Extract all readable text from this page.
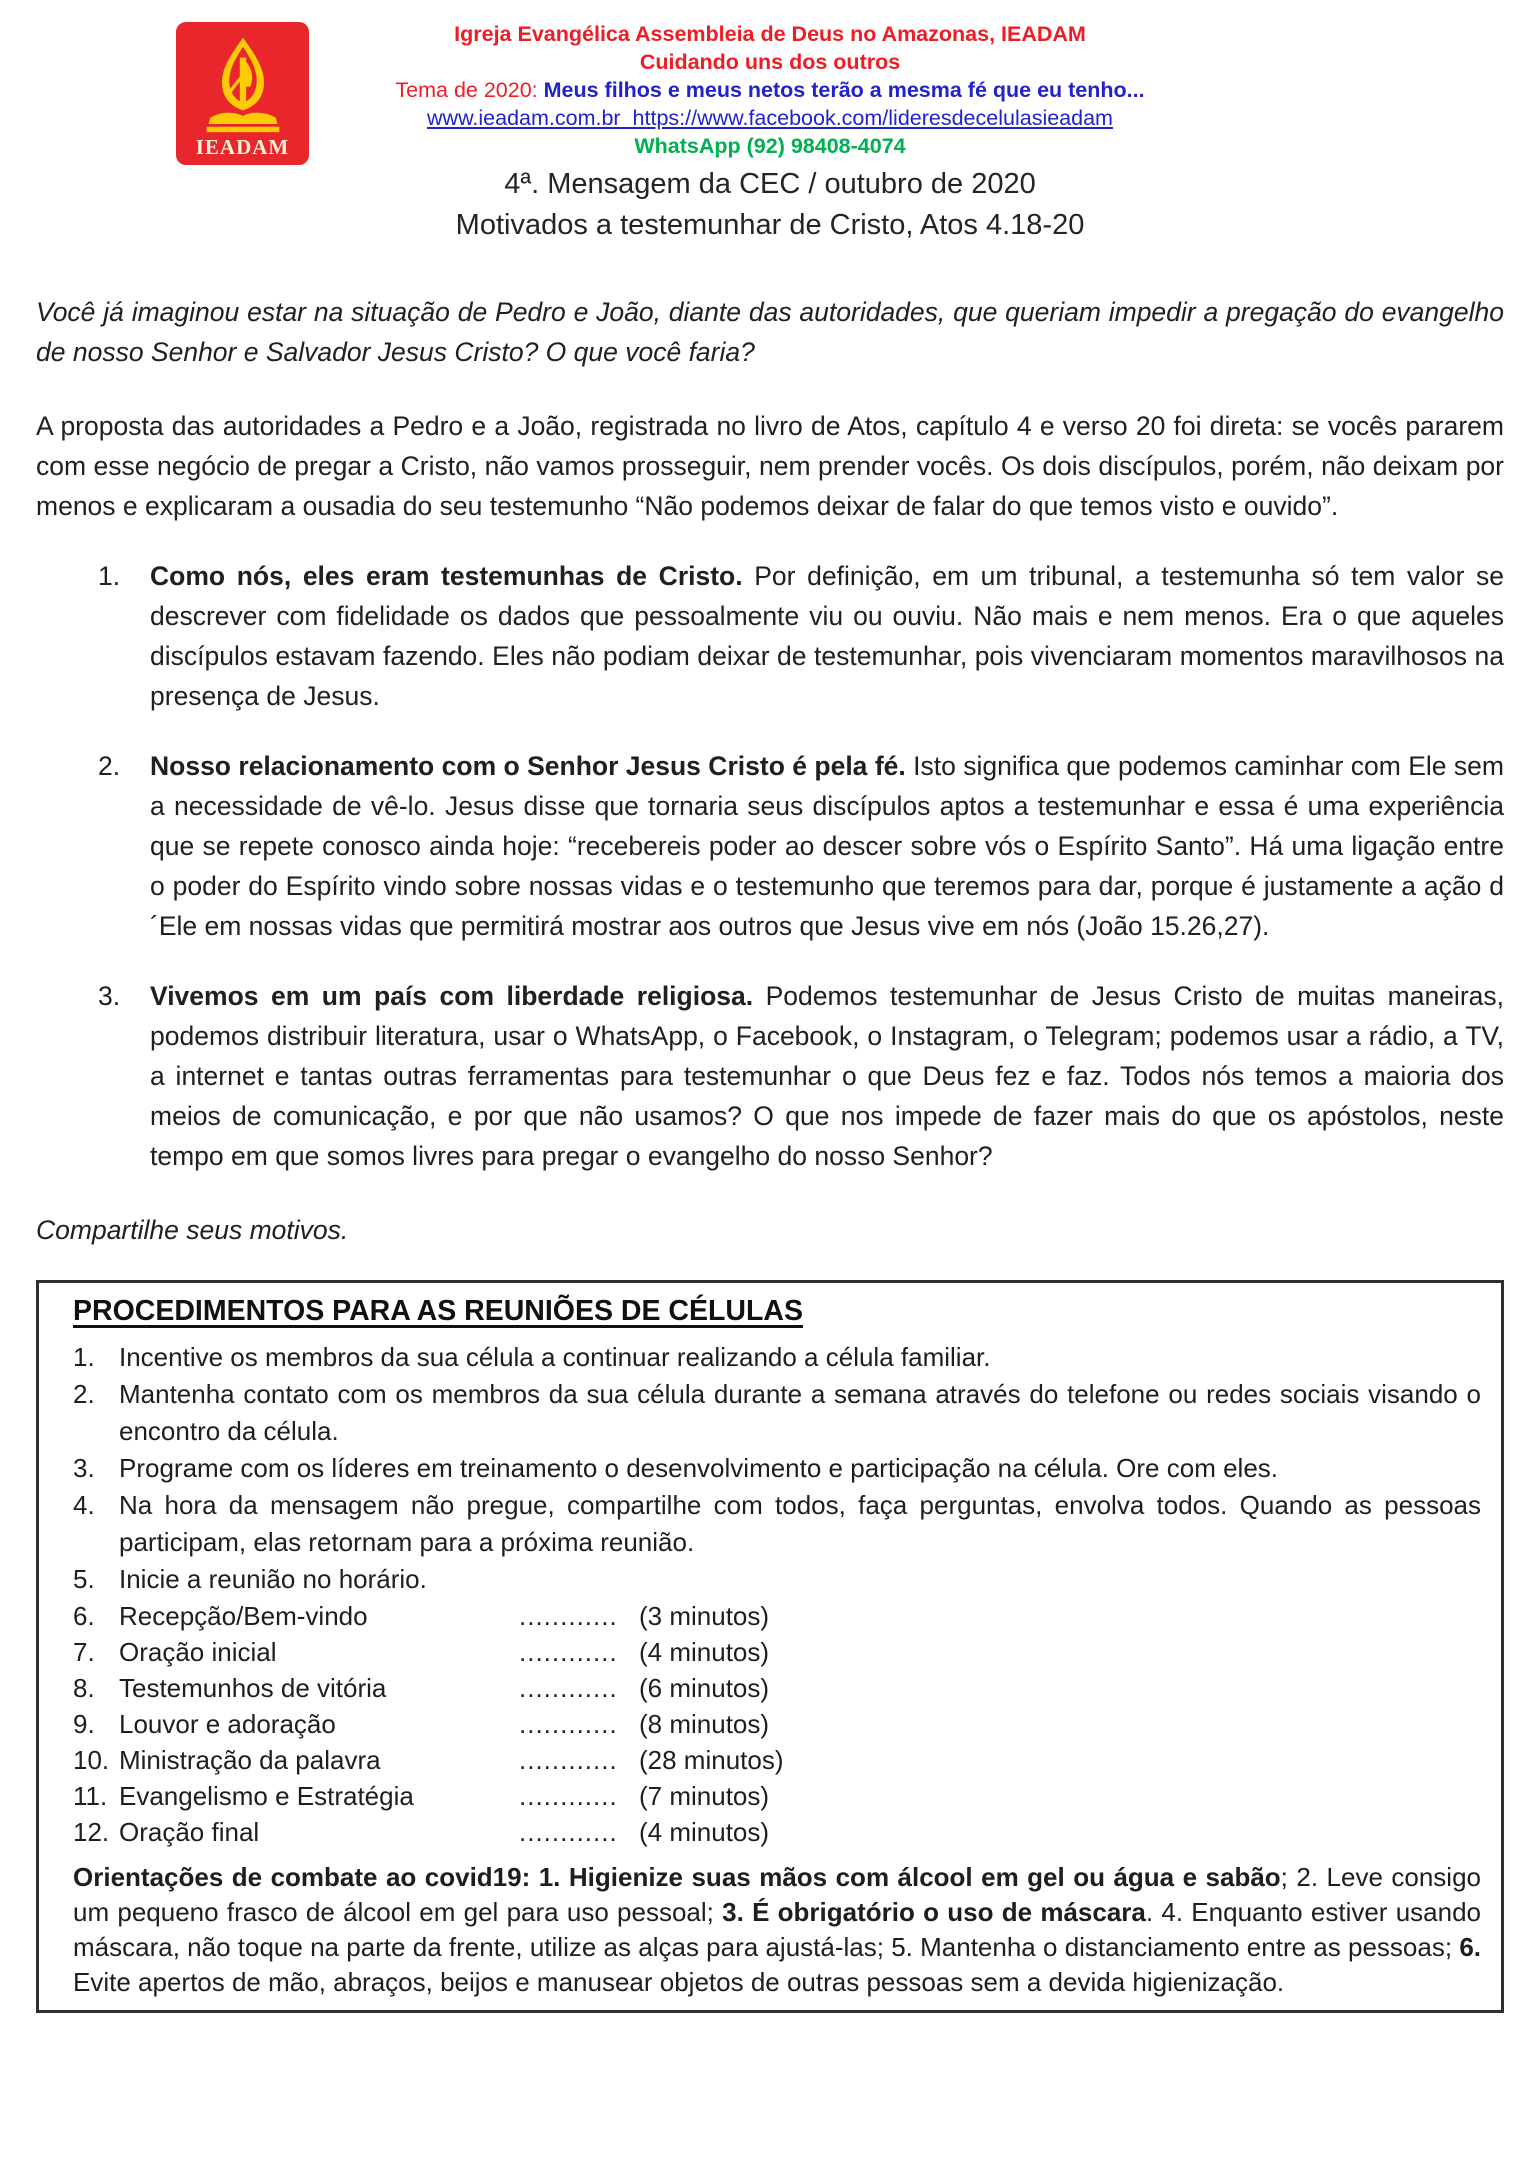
IEADAM
Igreja Evangélica Assembleia de Deus no Amazonas, IEADAM
Cuidando uns dos outros
Tema de 2020: Meus filhos e meus netos terão a mesma fé que eu tenho...
www.ieadam.com.br https://www.facebook.com/lideresdecelulasieadam
WhatsApp (92) 98408-4074
4ª. Mensagem da CEC / outubro de 2020
Motivados a testemunhar de Cristo, Atos 4.18-20

Você já imaginou estar na situação de Pedro e João, diante das autoridades, que queriam impedir a pregação do evangelho de nosso Senhor e Salvador Jesus Cristo? O que você faria?

A proposta das autoridades a Pedro e a João, registrada no livro de Atos, capítulo 4 e verso 20 foi direta: se vocês pararem com esse negócio de pregar a Cristo, não vamos prosseguir, nem prender vocês. Os dois discípulos, porém, não deixam por menos e explicaram a ousadia do seu testemunho “Não podemos deixar de falar do que temos visto e ouvido”.

1.	Como nós, eles eram testemunhas de Cristo. Por definição, em um tribunal, a testemunha só tem valor se descrever com fidelidade os dados que pessoalmente viu ou ouviu. Não mais e nem menos. Era o que aqueles discípulos estavam fazendo. Eles não podiam deixar de testemunhar, pois vivenciaram momentos maravilhosos na presença de Jesus.
2.	Nosso relacionamento com o Senhor Jesus Cristo é pela fé. Isto significa que podemos caminhar com Ele sem a necessidade de vê-lo. Jesus disse que tornaria seus discípulos aptos a testemunhar e essa é uma experiência que se repete conosco ainda hoje: “recebereis poder ao descer sobre vós o Espírito Santo”. Há uma ligação entre o poder do Espírito vindo sobre nossas vidas e o testemunho que teremos para dar, porque é justamente a ação d´Ele em nossas vidas que permitirá mostrar aos outros que Jesus vive em nós (João 15.26,27).
3.	Vivemos em um país com liberdade religiosa. Podemos testemunhar de Jesus Cristo de muitas maneiras, podemos distribuir literatura, usar o WhatsApp, o Facebook, o Instagram, o Telegram; podemos usar a rádio, a TV, a internet e tantas outras ferramentas para testemunhar o que Deus fez e faz. Todos nós temos a maioria dos meios de comunicação, e por que não usamos? O que nos impede de fazer mais do que os apóstolos, neste tempo em que somos livres para pregar o evangelho do nosso Senhor?

Compartilhe seus motivos.

PROCEDIMENTOS PARA AS REUNIÕES DE CÉLULAS
1. Incentive os membros da sua célula a continuar realizando a célula familiar.
2. Mantenha contato com os membros da sua célula durante a semana através do telefone ou redes sociais visando o encontro da célula.
3. Programe com os líderes em treinamento o desenvolvimento e participação na célula. Ore com eles.
4. Na hora da mensagem não pregue, compartilhe com todos, faça perguntas, envolva todos. Quando as pessoas participam, elas retornam para a próxima reunião.
5. Inicie a reunião no horário.
6. Recepção/Bem-vindo	............ (3 minutos)
7. Oração inicial	............ (4 minutos)
8. Testemunhos de vitória	............ (6 minutos)
9. Louvor e adoração	............ (8 minutos)
10. Ministração da palavra	............ (28 minutos)
11. Evangelismo e Estratégia	............ (7 minutos)
12. Oração final	............ (4 minutos)

Orientações de combate ao covid19: 1. Higienize suas mãos com álcool em gel ou água e sabão; 2. Leve consigo um pequeno frasco de álcool em gel para uso pessoal; 3. É obrigatório o uso de máscara. 4. Enquanto estiver usando máscara, não toque na parte da frente, utilize as alças para ajustá-las; 5. Mantenha o distanciamento entre as pessoas; 6. Evite apertos de mão, abraços, beijos e manusear objetos de outras pessoas sem a devida higienização.
